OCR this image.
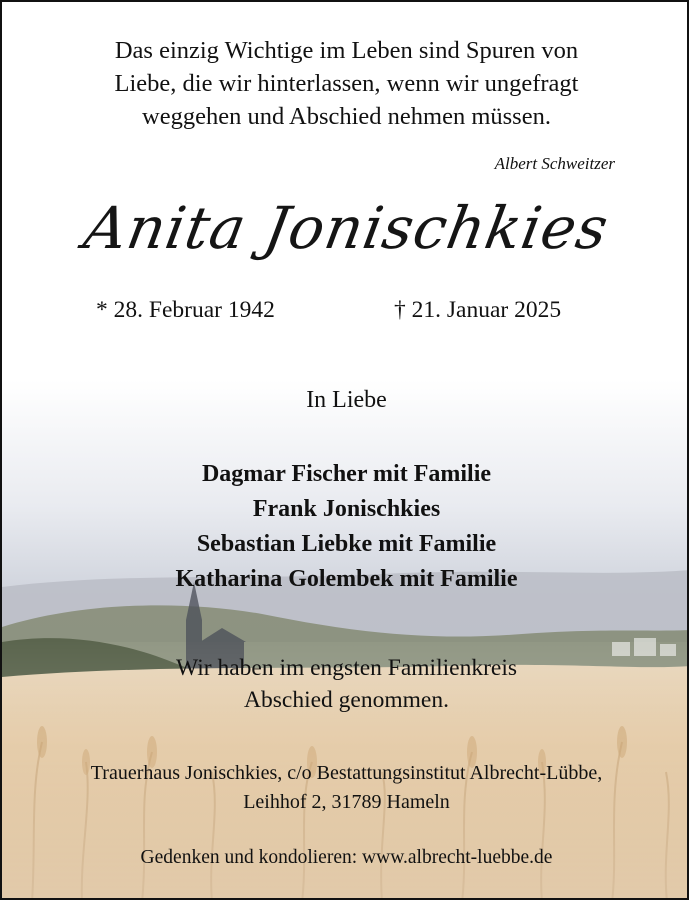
Das einzig Wichtige im Leben sind Spuren von
Liebe, die wir hinterlassen, wenn wir ungefragt
weggehen und Abschied nehmen müssen.
Albert Schweitzer
Anita Jonischkies
* 28. Februar 1942	† 21. Januar 2025
In Liebe
Dagmar Fischer mit Familie
Frank Jonischkies
Sebastian Liebke mit Familie
Katharina Golembek mit Familie
Wir haben im engsten Familienkreis
Abschied genommen.
Trauerhaus Jonischkies, c/o Bestattungsinstitut Albrecht-Lübbe,
Leihhof 2, 31789 Hameln
Gedenken und kondolieren: www.albrecht-luebbe.de
